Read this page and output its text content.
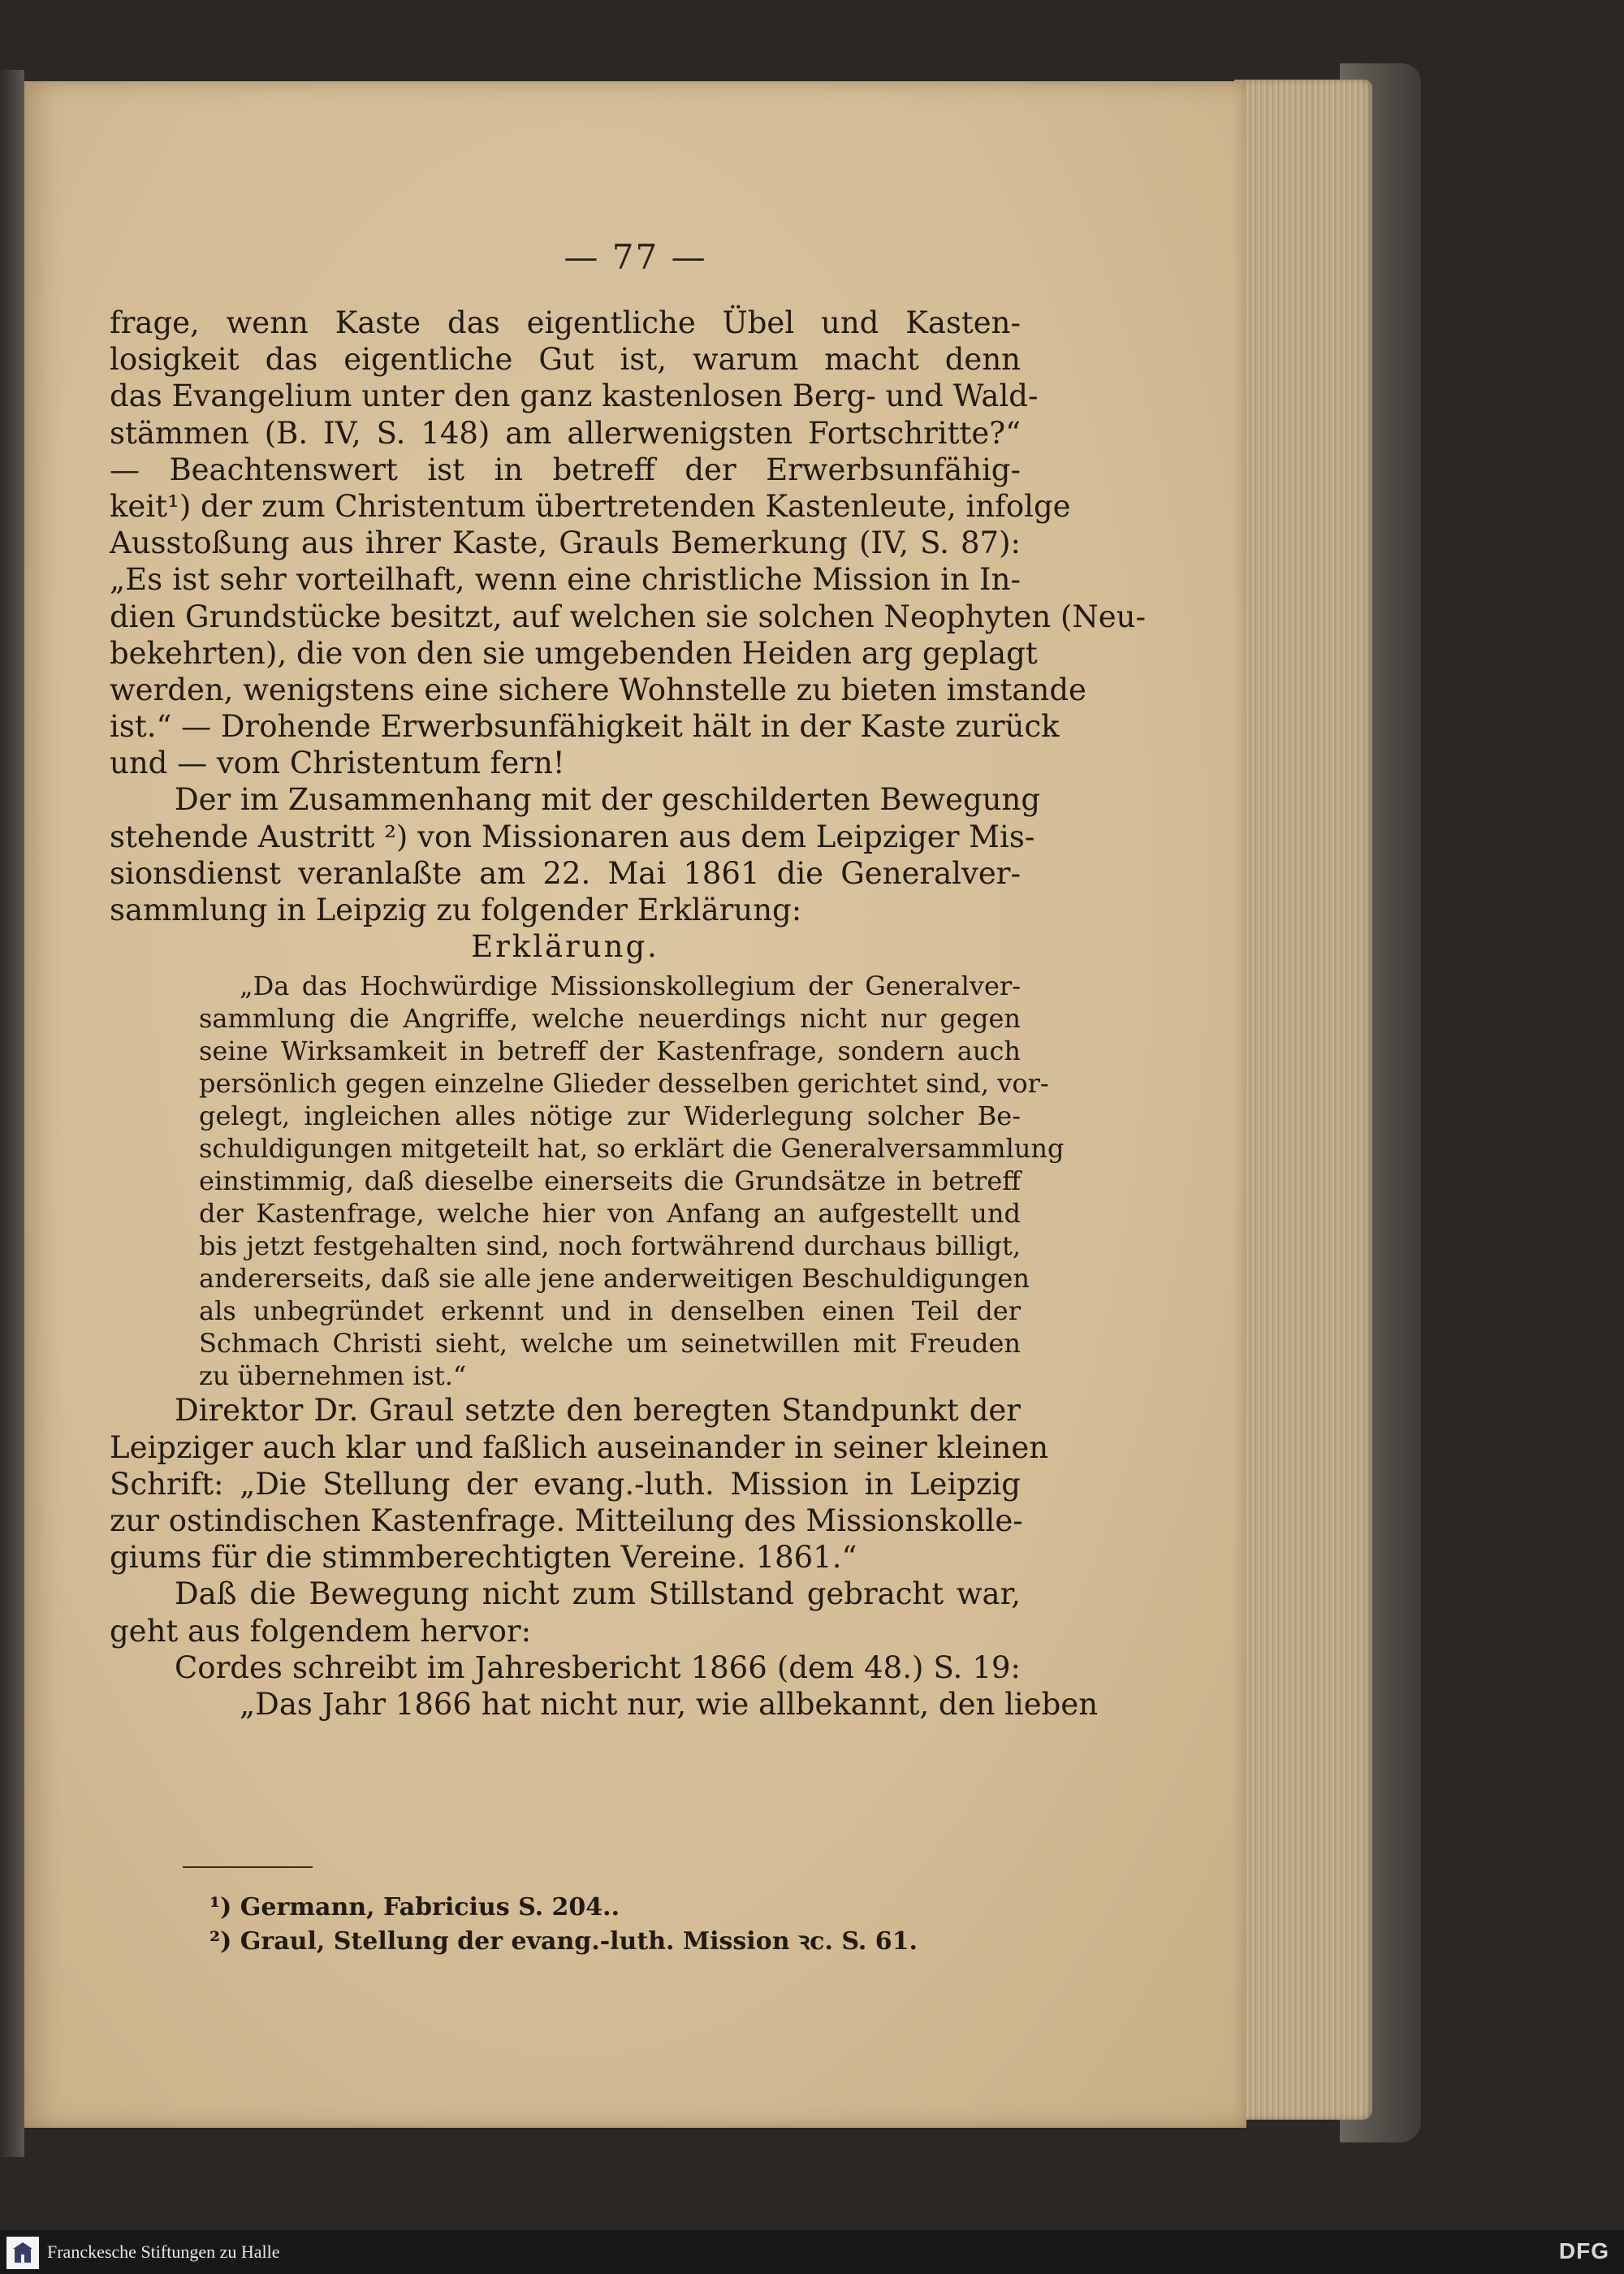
— 77 —
frage, wenn Kaste das eigentliche Übel und Kasten-
losigkeit das eigentliche Gut ist, warum macht denn
das Evangelium unter den ganz kastenlosen Berg- und Wald-
stämmen (B. IV, S. 148) am allerwenigsten Fortschritte?“
— Beachtenswert ist in betreff der Erwerbsunfähig-
keit¹) der zum Christentum übertretenden Kastenleute, infolge
Ausstoßung aus ihrer Kaste, Grauls Bemerkung (IV, S. 87):
„Es ist sehr vorteilhaft, wenn eine christliche Mission in In-
dien Grundstücke besitzt, auf welchen sie solchen Neophyten (Neu-
bekehrten), die von den sie umgebenden Heiden arg geplagt
werden, wenigstens eine sichere Wohnstelle zu bieten imstande
ist.“ — Drohende Erwerbsunfähigkeit hält in der Kaste zurück
und — vom Christentum fern!
Der im Zusammenhang mit der geschilderten Bewegung
stehende Austritt ²) von Missionaren aus dem Leipziger Mis-
sionsdienst veranlaßte am 22. Mai 1861 die Generalver-
sammlung in Leipzig zu folgender Erklärung:
Erklärung.
„Da das Hochwürdige Missionskollegium der Generalver-
sammlung die Angriffe, welche neuerdings nicht nur gegen
seine Wirksamkeit in betreff der Kastenfrage, sondern auch
persönlich gegen einzelne Glieder desselben gerichtet sind, vor-
gelegt, ingleichen alles nötige zur Widerlegung solcher Be-
schuldigungen mitgeteilt hat, so erklärt die Generalversammlung
einstimmig, daß dieselbe einerseits die Grundsätze in betreff
der Kastenfrage, welche hier von Anfang an aufgestellt und
bis jetzt festgehalten sind, noch fortwährend durchaus billigt,
andererseits, daß sie alle jene anderweitigen Beschuldigungen
als unbegründet erkennt und in denselben einen Teil der
Schmach Christi sieht, welche um seinetwillen mit Freuden
zu übernehmen ist.“
Direktor Dr. Graul setzte den beregten Standpunkt der
Leipziger auch klar und faßlich auseinander in seiner kleinen
Schrift: „Die Stellung der evang.-luth. Mission in Leipzig
zur ostindischen Kastenfrage. Mitteilung des Missionskolle-
giums für die stimmberechtigten Vereine. 1861.“
Daß die Bewegung nicht zum Stillstand gebracht war,
geht aus folgendem hervor:
Cordes schreibt im Jahresbericht 1866 (dem 48.) S. 19:
„Das Jahr 1866 hat nicht nur, wie allbekannt, den lieben
¹) Germann, Fabricius S. 204..
²) Graul, Stellung der evang.-luth. Mission ꝛc. S. 61.
Franckesche Stiftungen zu Halle	DFG
